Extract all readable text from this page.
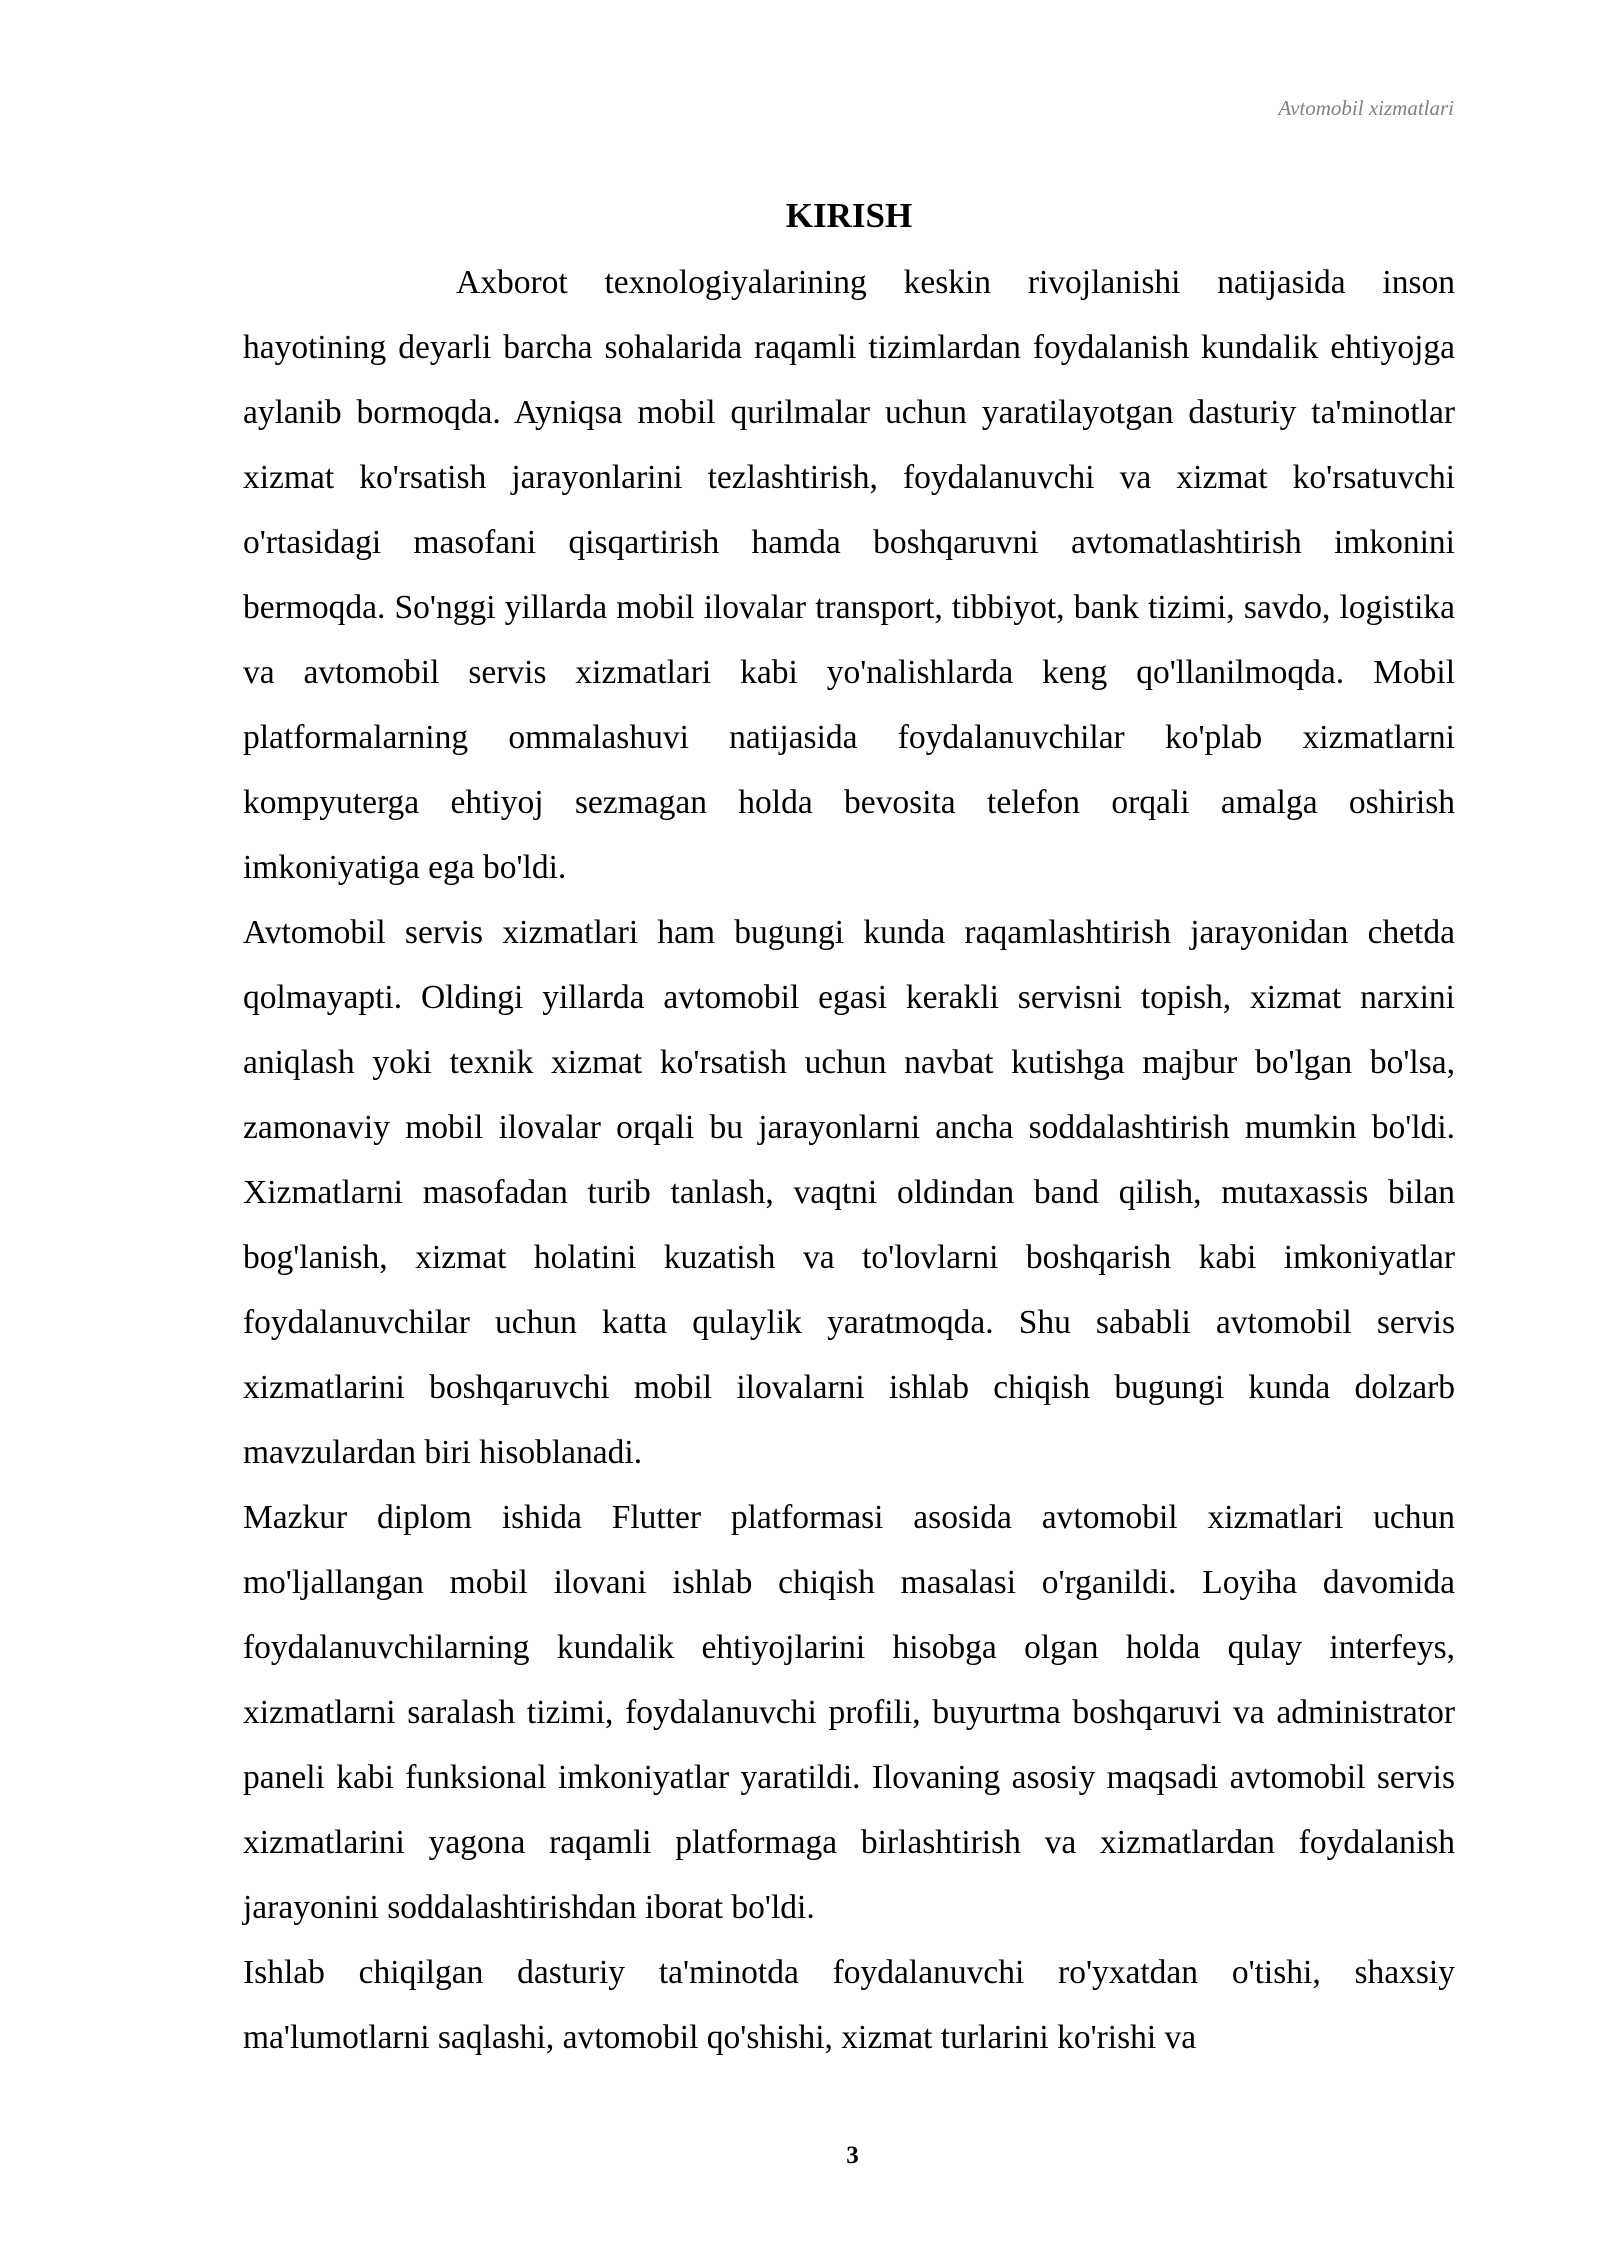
Avtomobil xizmatlari
KIRISH

Axborot texnologiyalarining keskin rivojlanishi natijasida inson hayotining deyarli barcha sohalarida raqamli tizimlardan foydalanish kundalik ehtiyojga aylanib bormoqda. Ayniqsa mobil qurilmalar uchun yaratilayotgan dasturiy ta'minotlar xizmat ko'rsatish jarayonlarini tezlashtirish, foydalanuvchi va xizmat ko'rsatuvchi o'rtasidagi masofani qisqartirish hamda boshqaruvni avtomatlashtirish imkonini bermoqda. So'nggi yillarda mobil ilovalar transport, tibbiyot, bank tizimi, savdo, logistika va avtomobil servis xizmatlari kabi yo'nalishlarda keng qo'llanilmoqda. Mobil platformalarning ommalashuvi natijasida foydalanuvchilar ko'plab xizmatlarni kompyuterga ehtiyoj sezmagan holda bevosita telefon orqali amalga oshirish imkoniyatiga ega bo'ldi.

Avtomobil servis xizmatlari ham bugungi kunda raqamlashtirish jarayonidan chetda qolmayapti. Oldingi yillarda avtomobil egasi kerakli servisni topish, xizmat narxini aniqlash yoki texnik xizmat ko'rsatish uchun navbat kutishga majbur bo'lgan bo'lsa, zamonaviy mobil ilovalar orqali bu jarayonlarni ancha soddalashtirish mumkin bo'ldi. Xizmatlarni masofadan turib tanlash, vaqtni oldindan band qilish, mutaxassis bilan bog'lanish, xizmat holatini kuzatish va to'lovlarni boshqarish kabi imkoniyatlar foydalanuvchilar uchun katta qulaylik yaratmoqda. Shu sababli avtomobil servis xizmatlarini boshqaruvchi mobil ilovalarni ishlab chiqish bugungi kunda dolzarb mavzulardan biri hisoblanadi.

Mazkur diplom ishida Flutter platformasi asosida avtomobil xizmatlari uchun mo'ljallangan mobil ilovani ishlab chiqish masalasi o'rganildi. Loyiha davomida foydalanuvchilarning kundalik ehtiyojlarini hisobga olgan holda qulay interfeys, xizmatlarni saralash tizimi, foydalanuvchi profili, buyurtma boshqaruvi va administrator paneli kabi funksional imkoniyatlar yaratildi. Ilovaning asosiy maqsadi avtomobil servis xizmatlarini yagona raqamli platformaga birlashtirish va xizmatlardan foydalanish jarayonini soddalashtirishdan iborat bo'ldi.

Ishlab chiqilgan dasturiy ta'minotda foydalanuvchi ro'yxatdan o'tishi, shaxsiy ma'lumotlarni saqlashi, avtomobil qo'shishi, xizmat turlarini ko'rishi va

3
